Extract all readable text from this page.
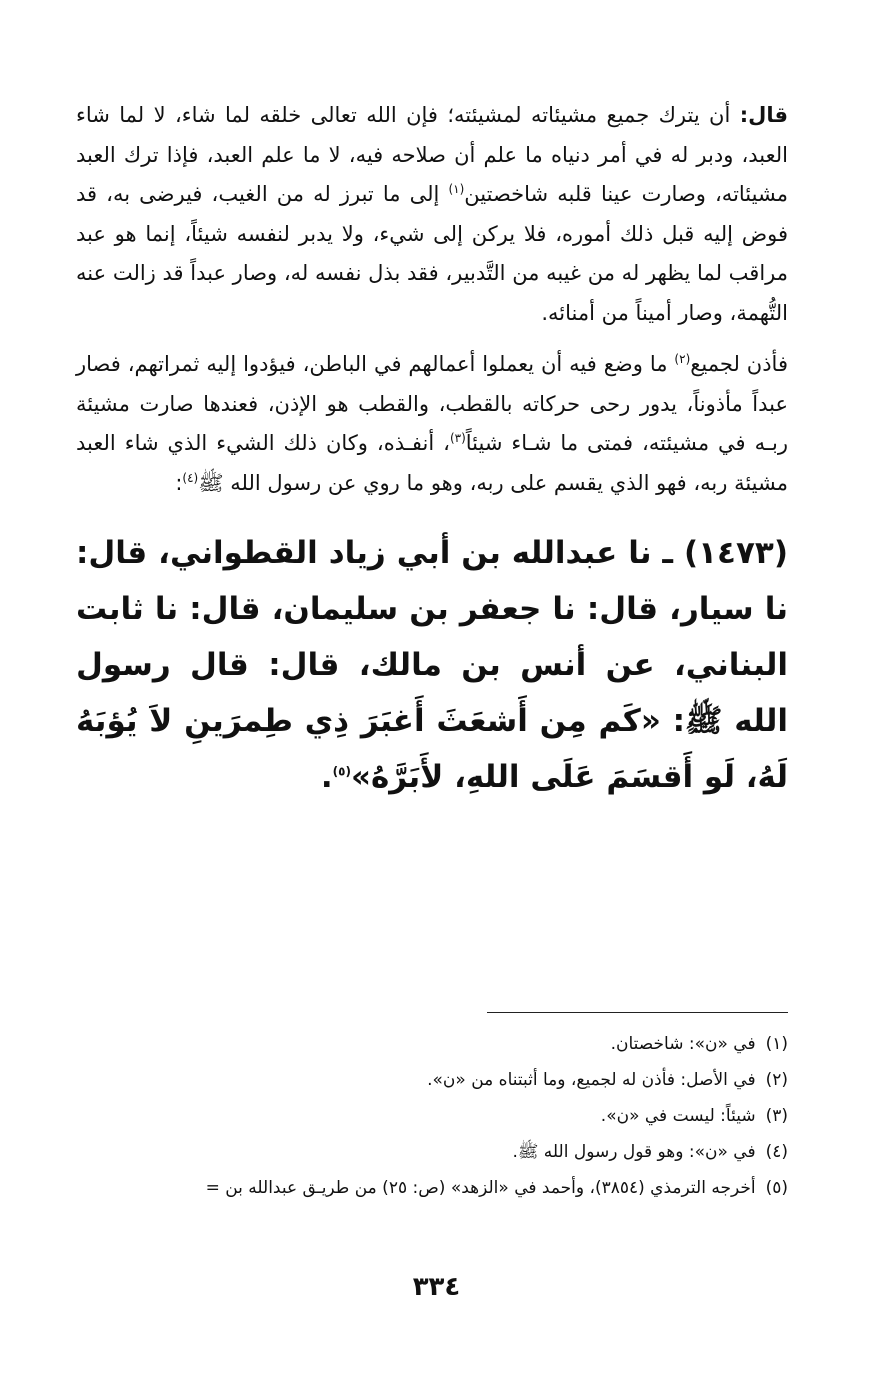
قال: أن يترك جميع مشيئاته لمشيئته؛ فإن الله تعالى خلقه لما شاء، لا لما شاء العبد، ودبر له في أمر دنياه ما علم أن صلاحه فيه، لا ما علم العبد، فإذا ترك العبد مشيئاته، وصارت عينا قلبه شاخصتين$^{(١)}$ إلى ما تبرز له من الغيب، فيرضى به، قد فوض إليه قبل ذلك أموره، فلا يركن إلى شيء، ولا يدبر لنفسه شيئاً، إنما هو عبد مراقب لما يظهر له من غيبه من التَّدبير، فقد بذل نفسه له، وصار عبداً قد زالت عنه التُّهمة، وصار أميناً من أمنائه.

فأذن لجميع$^{(٢)}$ ما وضع فيه أن يعملوا أعمالهم في الباطن، فيؤدوا إليه ثمراتهم، فصار عبداً مأذوناً، يدور رحى حركاته بالقطب، والقطب هو الإذن، فعندها صارت مشيئة ربـه في مشيئته، فمتى ما شـاء شيئاً$^{(٣)}$، أنفـذه، وكان ذلك الشيء الذي شاء العبد مشيئة ربه، فهو الذي يقسم على ربه، وهو ما روي عن رسول الله ﷺ$^{(٤)}$:

(١٤٧٣) ـ نا عبدالله بن أبي زياد القطواني، قال: نا سيار، قال: نا جعفر بن سليمان، قال: نا ثابت البناني، عن أنس بن مالك، قال: قال رسول الله ﷺ: «كَم مِن أَشعَثَ أَغبَرَ ذِي طِمرَينِ لاَ يُؤبَهُ لَهُ، لَو أَقسَمَ عَلَى اللهِ، لأَبَرَّهُ»$^{(٥)}$.

(١)في «ن»: شاخصتان.

(٢)في الأصل: فأذن له لجميع، وما أثبتناه من «ن».

(٣)شيئاً: ليست في «ن».

(٤)في «ن»: وهو قول رسول الله ﷺ.

(٥)أخرجه الترمذي (٣٨٥٤)، وأحمد في «الزهد» (ص: ٢٥) من طريـق عبدالله بن =

٣٣٤
